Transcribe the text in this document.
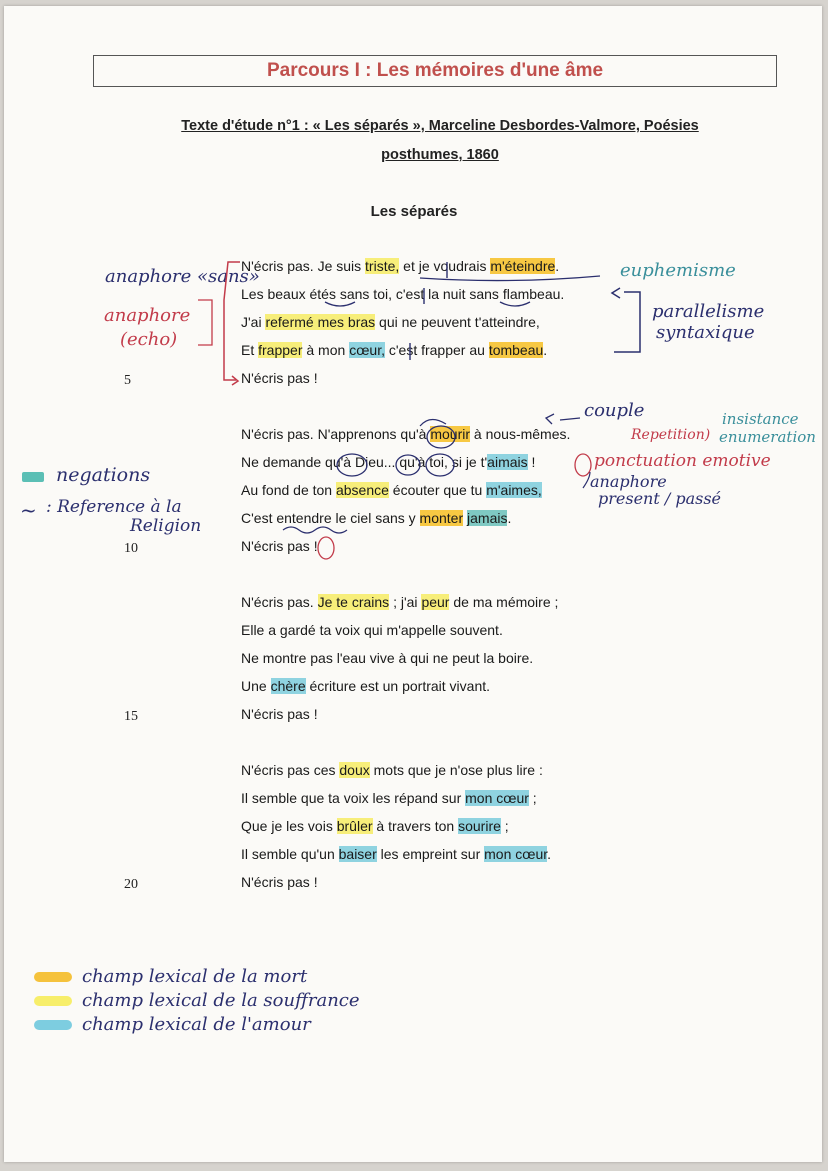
Parcours I : Les mémoires d'une âme
Texte d'étude n°1 : « Les séparés », Marceline Desbordes-Valmore, Poésies
posthumes, 1860
Les séparés
N'écris pas. Je suis triste, et je voudrais m'éteindre.
Les beaux étés sans toi, c'est la nuit sans flambeau.
J'ai refermé mes bras qui ne peuvent t'atteindre,
Et frapper à mon cœur, c'est frapper au tombeau.
N'écris pas !
5
N'écris pas. N'apprenons qu'à mourir à nous-mêmes.
Ne demande qu'à Dieu... qu'à toi, si je t'aimais !
Au fond de ton absence écouter que tu m'aimes,
C'est entendre le ciel sans y monter jamais.
N'écris pas !
10
N'écris pas. Je te crains ; j'ai peur de ma mémoire ;
Elle a gardé ta voix qui m'appelle souvent.
Ne montre pas l'eau vive à qui ne peut la boire.
Une chère écriture est un portrait vivant.
N'écris pas !
15
N'écris pas ces doux mots que je n'ose plus lire :
Il semble que ta voix les répand sur mon cœur ;
Que je les vois brûler à travers ton sourire ;
Il semble qu'un baiser les empreint sur mon cœur.
N'écris pas !
20
anaphore «sans»
anaphore
(echo)
euphemisme
parallelisme
syntaxique
couple
Repetition)
insistance
enumeration
ponctuation emotive
anaphore
present / passé
negations
~ : Reference à la
Religion
champ lexical de la mort
champ lexical de la souffrance
champ lexical de l'amour
